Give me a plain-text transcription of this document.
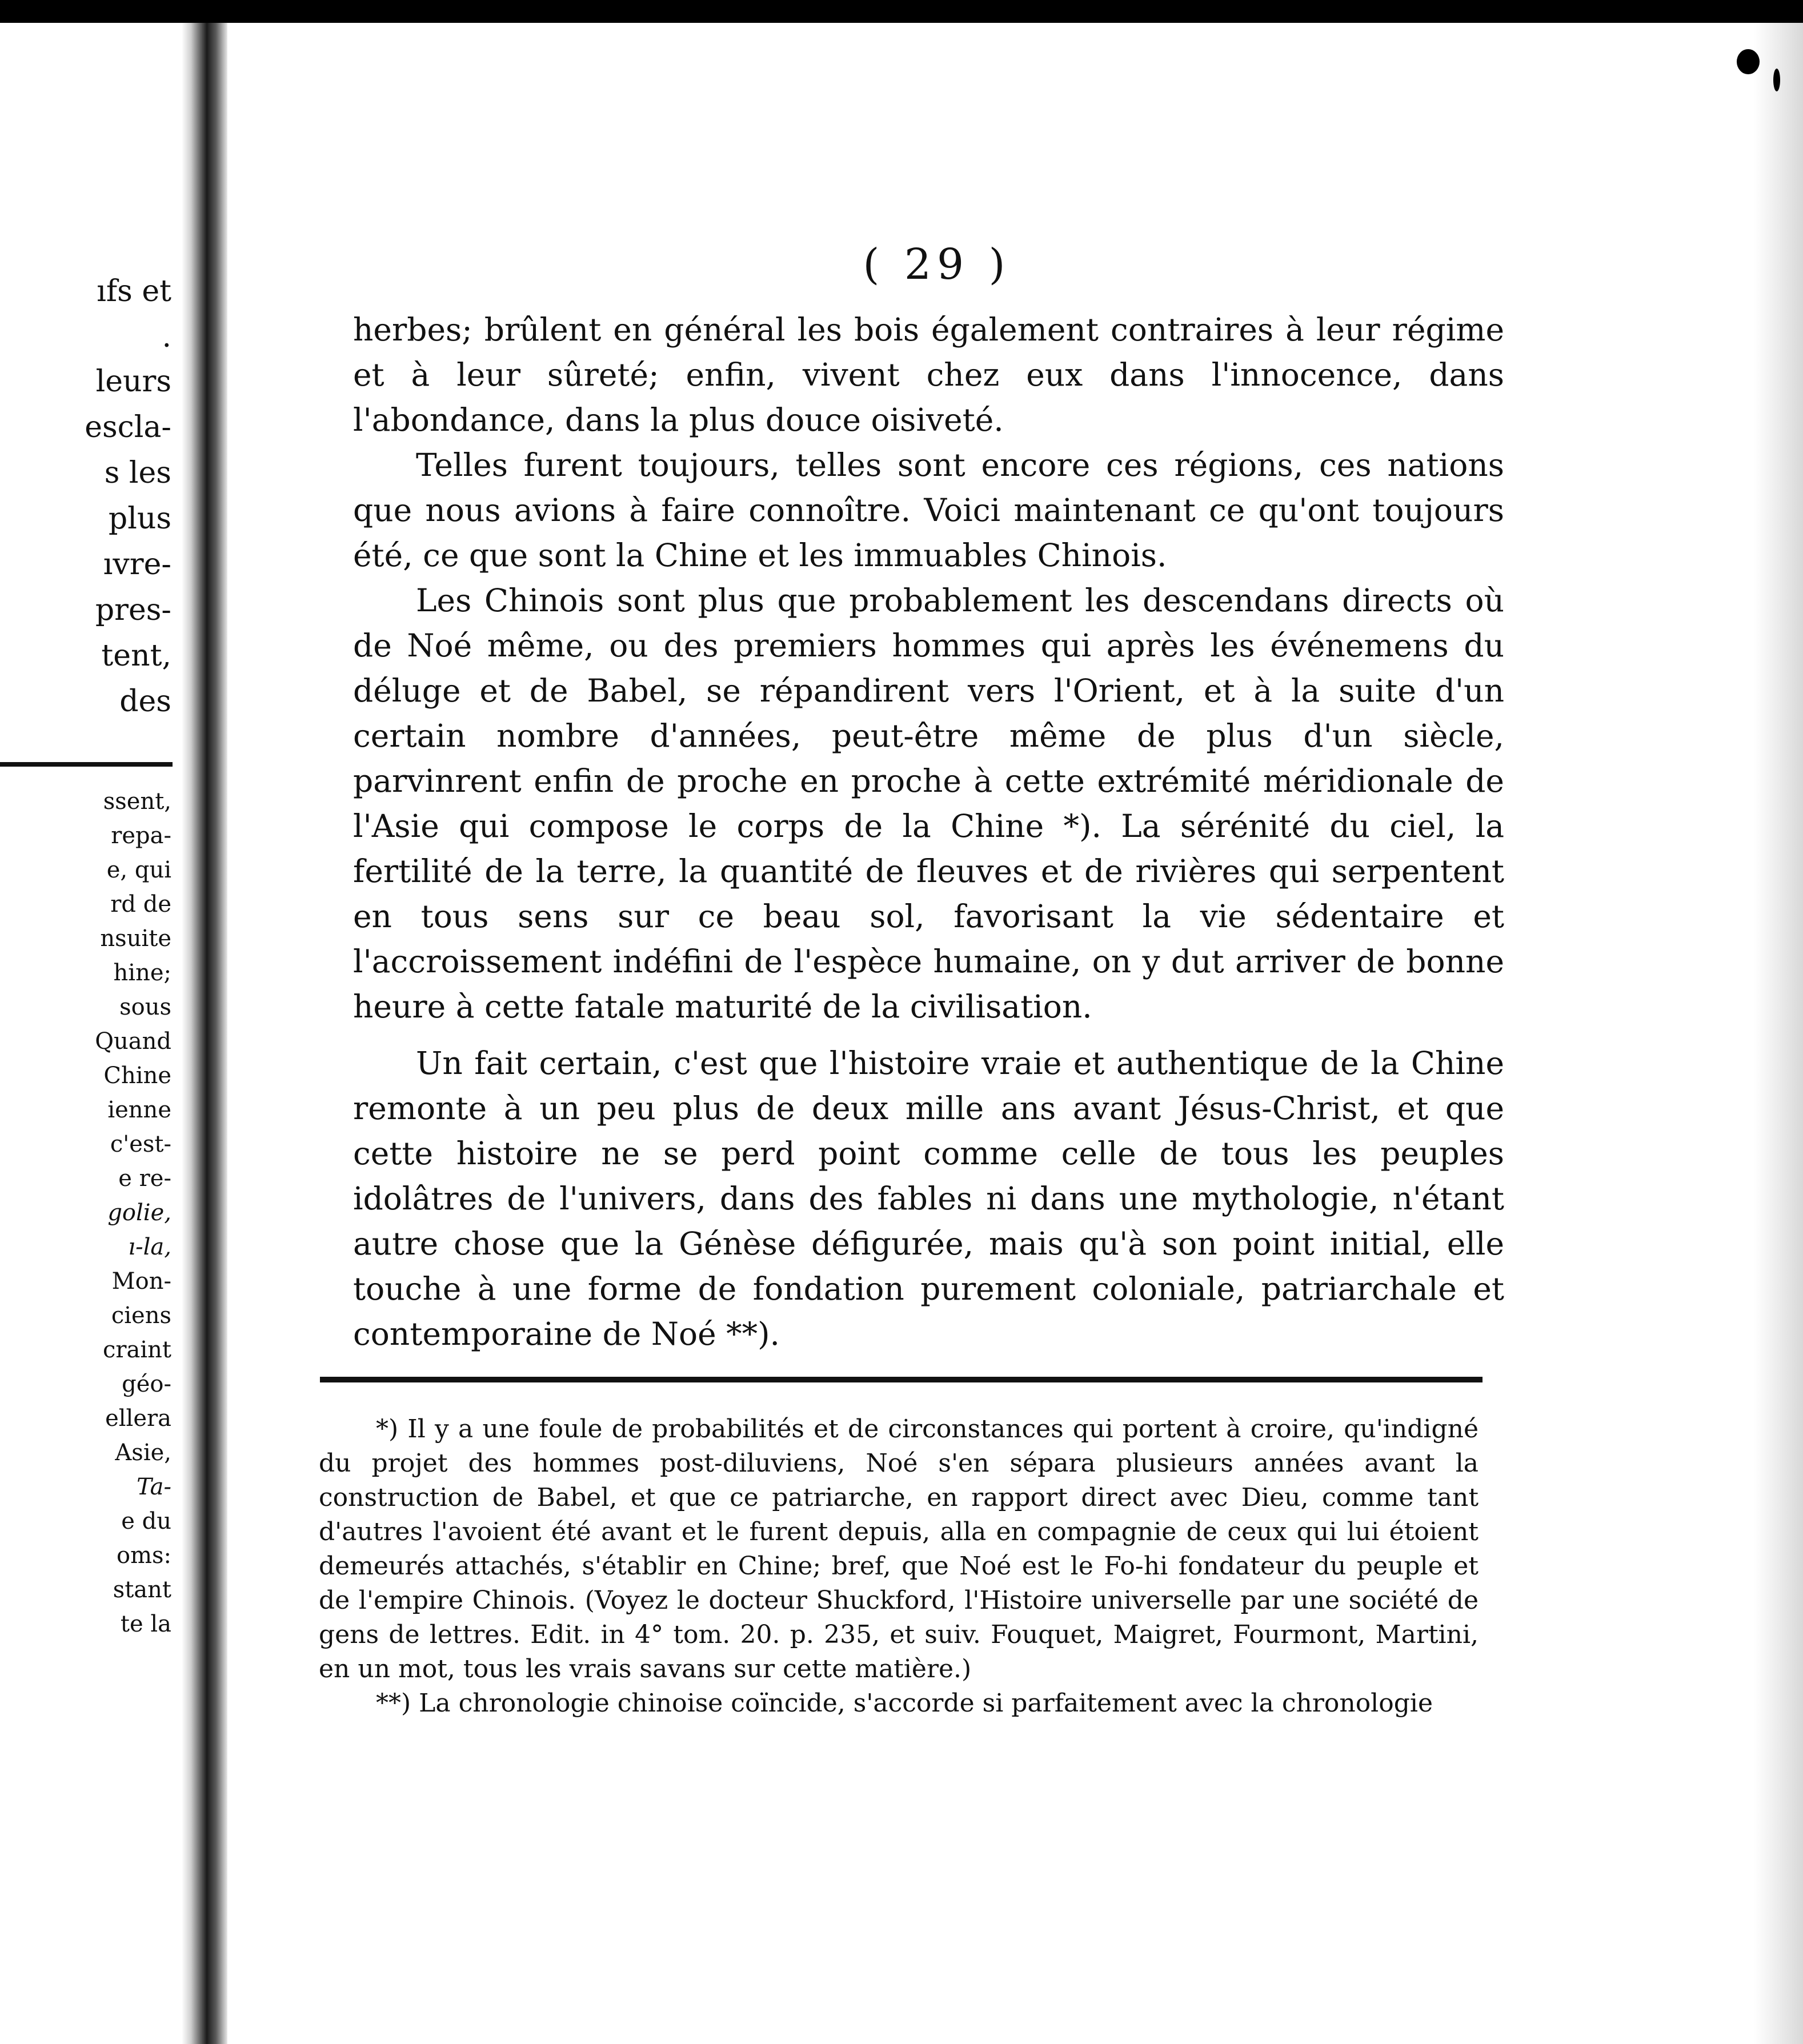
ıfs et
.
leurs
escla-
s les
plus
ıvre-
pres-
tent,
des
ssent,
repa-
e, qui
rd de
nsuite
hine;
sous
Quand
Chine
ienne
c'est-
e re-
golie,
ı-la,
Mon-
ciens
craint
géo-
ellera
Asie,
Ta-
e du
oms:
stant
te la
( 29 )

herbes; brûlent en général les bois également contraires à leur régime et à leur sûreté; enfin, vivent chez eux dans l'innocence, dans l'abondance, dans la plus douce oisiveté.

Telles furent toujours, telles sont encore ces régions, ces nations que nous avions à faire connoître. Voici maintenant ce qu'ont toujours été, ce que sont la Chine et les immuables Chinois.

Les Chinois sont plus que probablement les descendans directs où de Noé même, ou des premiers hommes qui après les événemens du déluge et de Babel, se répandirent vers l'Orient, et à la suite d'un certain nombre d'années, peut-être même de plus d'un siècle, parvinrent enfin de proche en proche à cette extrémité méridionale de l'Asie qui compose le corps de la Chine *). La sérénité du ciel, la fertilité de la terre, la quantité de fleuves et de rivières qui serpentent en tous sens sur ce beau sol, favorisant la vie sédentaire et l'accroissement indéfini de l'espèce humaine, on y dut arriver de bonne heure à cette fatale maturité de la civilisation.

Un fait certain, c'est que l'histoire vraie et authentique de la Chine remonte à un peu plus de deux mille ans avant Jésus-Christ, et que cette histoire ne se perd point comme celle de tous les peuples idolâtres de l'univers, dans des fables ni dans une mythologie, n'étant autre chose que la Génèse défigurée, mais qu'à son point initial, elle touche à une forme de fondation purement coloniale, patriarchale et contemporaine de Noé **).

*) Il y a une foule de probabilités et de circonstances qui portent à croire, qu'indigné du projet des hommes post-diluviens, Noé s'en sépara plusieurs années avant la construction de Babel, et que ce patriarche, en rapport direct avec Dieu, comme tant d'autres l'avoient été avant et le furent depuis, alla en compagnie de ceux qui lui étoient demeurés attachés, s'établir en Chine; bref, que Noé est le Fo-hi fondateur du peuple et de l'empire Chinois. (Voyez le docteur Shuckford, l'Histoire universelle par une société de gens de lettres. Edit. in 4° tom. 20. p. 235, et suiv. Fouquet, Maigret, Fourmont, Martini, en un mot, tous les vrais savans sur cette matière.)

**) La chronologie chinoise coïncide, s'accorde si parfaitement avec la chronologie
